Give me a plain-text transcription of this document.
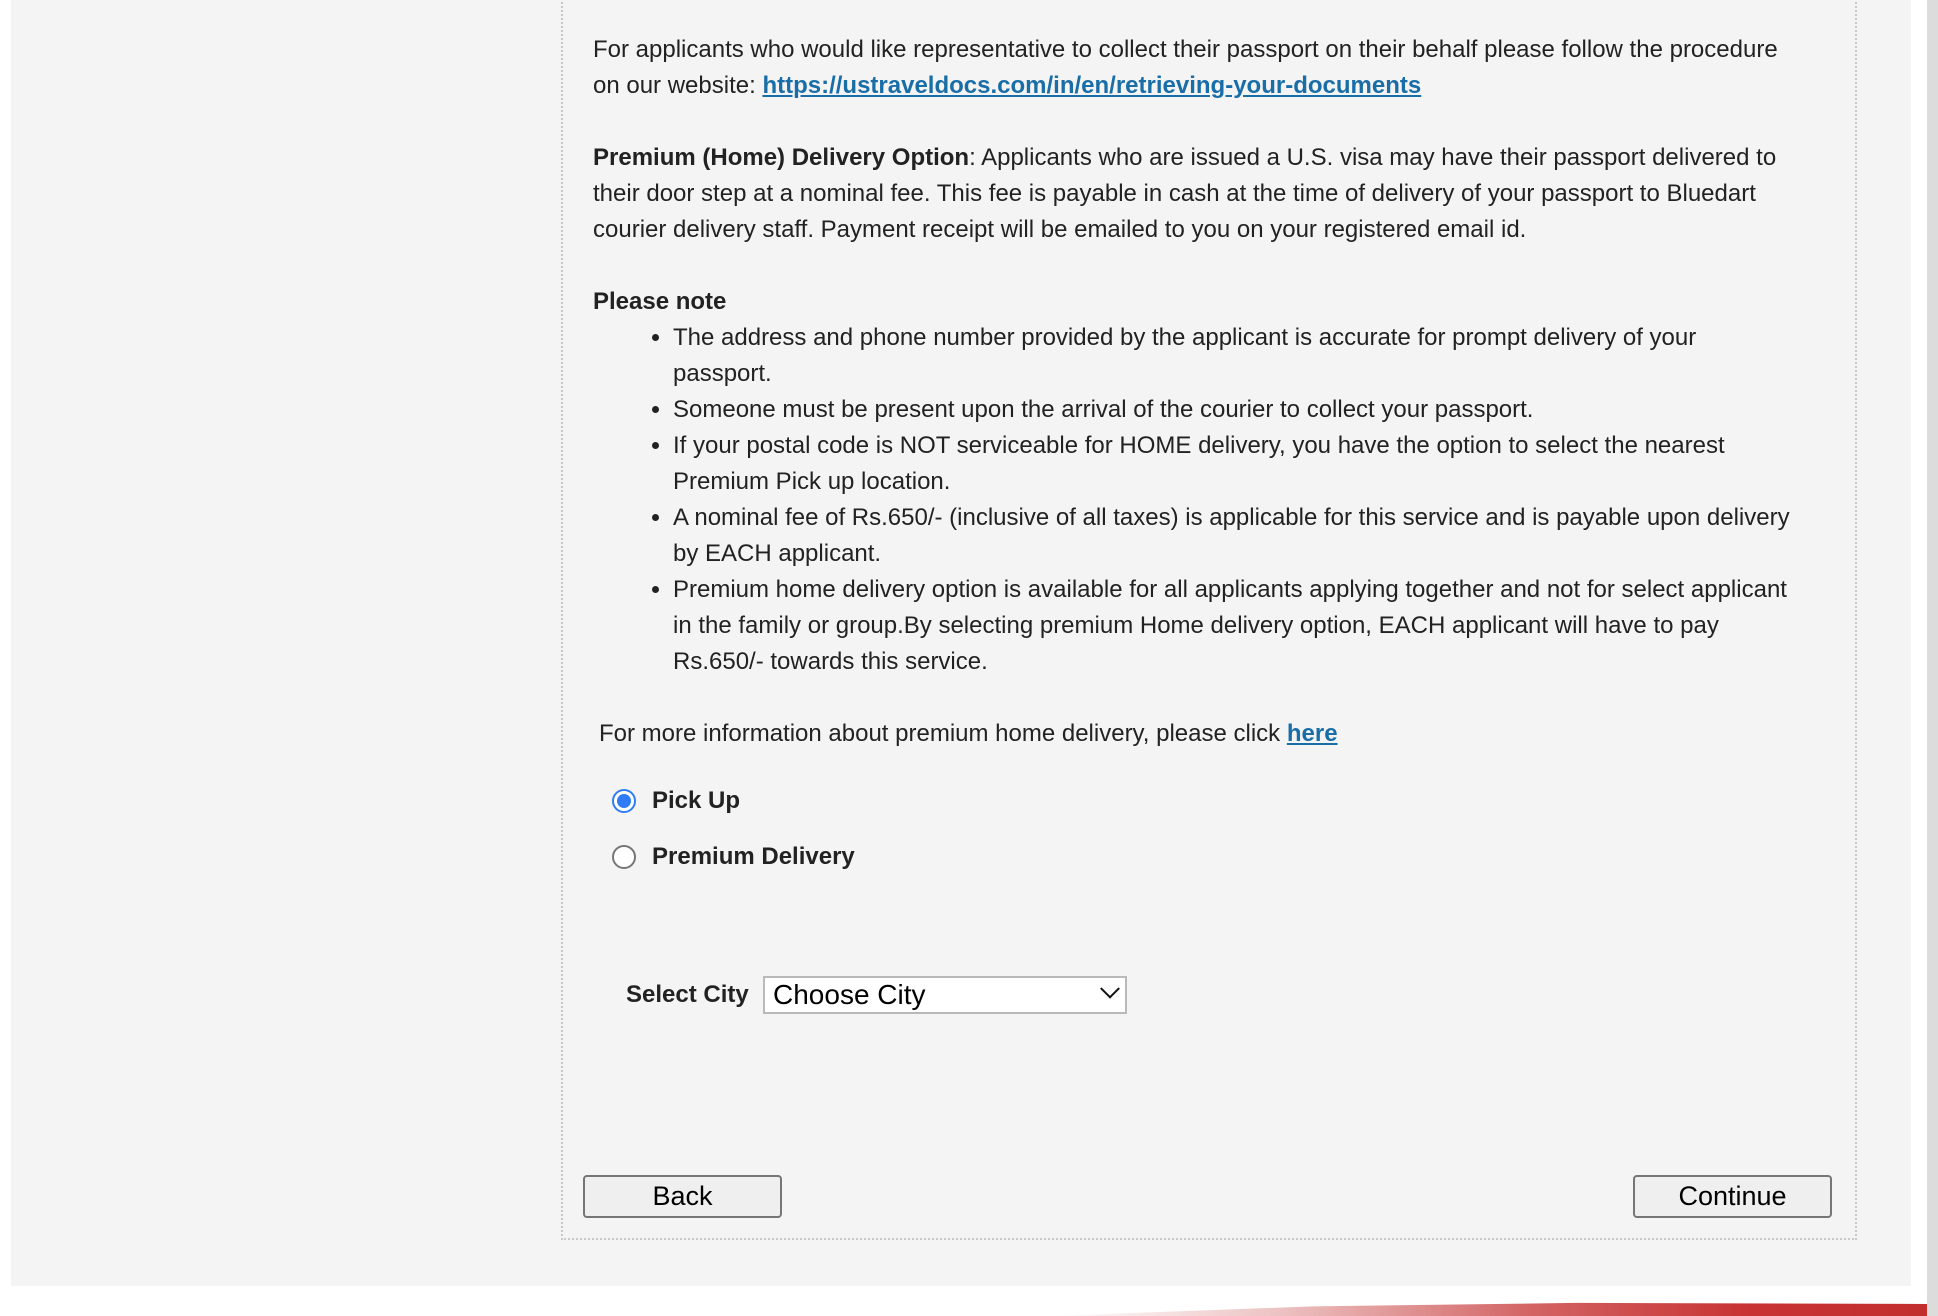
For applicants who would like representative to collect their passport on their behalf please follow the procedure on our website: https://ustraveldocs.com/in/en/retrieving-your-documents
Premium (Home) Delivery Option: Applicants who are issued a U.S. visa may have their passport delivered to their door step at a nominal fee. This fee is payable in cash at the time of delivery of your passport to Bluedart courier delivery staff. Payment receipt will be emailed to you on your registered email id.
Please note
• The address and phone number provided by the applicant is accurate for prompt delivery of your passport.
• Someone must be present upon the arrival of the courier to collect your passport.
• If your postal code is NOT serviceable for HOME delivery, you have the option to select the nearest Premium Pick up location.
• A nominal fee of Rs.650/- (inclusive of all taxes) is applicable for this service and is payable upon delivery by EACH applicant.
• Premium home delivery option is available for all applicants applying together and not for select applicant in the family or group.By selecting premium Home delivery option, EACH applicant will have to pay Rs.650/- towards this service.
For more information about premium home delivery, please click here
Pick Up
Premium Delivery
Select City Choose City
Back	Continue
